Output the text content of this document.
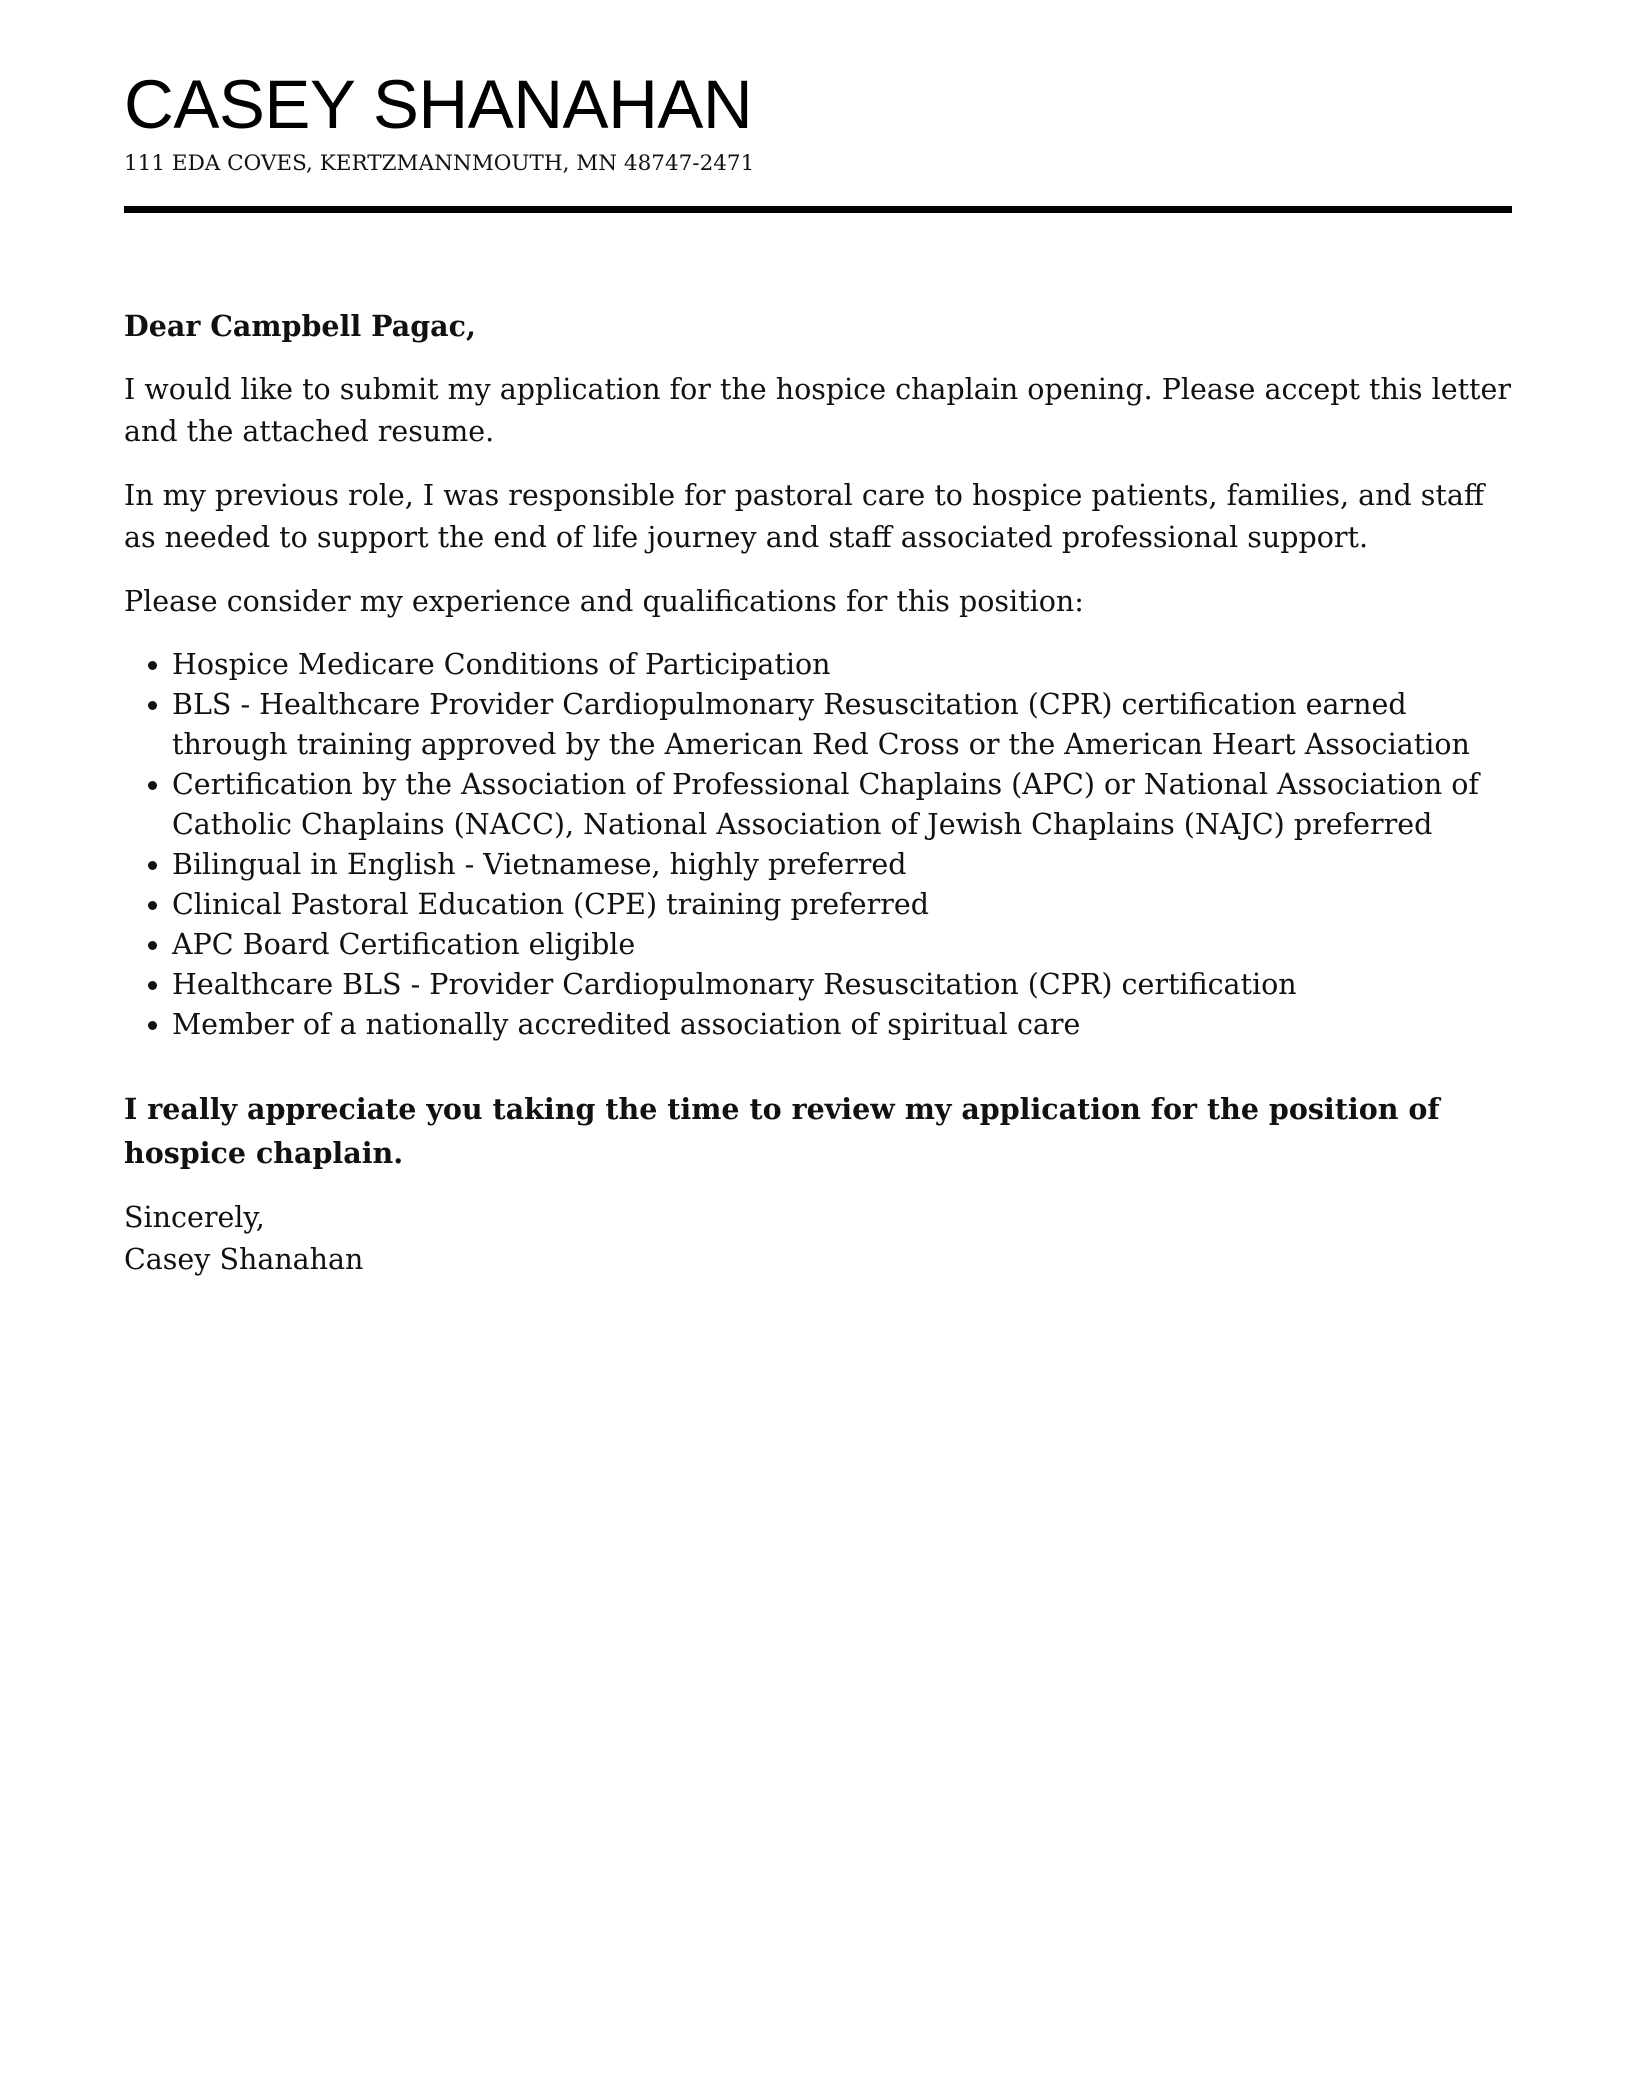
CASEY SHANAHAN
111 EDA COVES, KERTZMANNMOUTH, MN 48747-2471

Dear Campbell Pagac,

I would like to submit my application for the hospice chaplain opening. Please accept this letter and the attached resume.

In my previous role, I was responsible for pastoral care to hospice patients, families, and staff as needed to support the end of life journey and staff associated professional support.

Please consider my experience and qualifications for this position:

• Hospice Medicare Conditions of Participation
• BLS - Healthcare Provider Cardiopulmonary Resuscitation (CPR) certification earned through training approved by the American Red Cross or the American Heart Association
• Certification by the Association of Professional Chaplains (APC) or National Association of Catholic Chaplains (NACC), National Association of Jewish Chaplains (NAJC) preferred
• Bilingual in English - Vietnamese, highly preferred
• Clinical Pastoral Education (CPE) training preferred
• APC Board Certification eligible
• Healthcare BLS - Provider Cardiopulmonary Resuscitation (CPR) certification
• Member of a nationally accredited association of spiritual care

I really appreciate you taking the time to review my application for the position of hospice chaplain.

Sincerely,
Casey Shanahan
